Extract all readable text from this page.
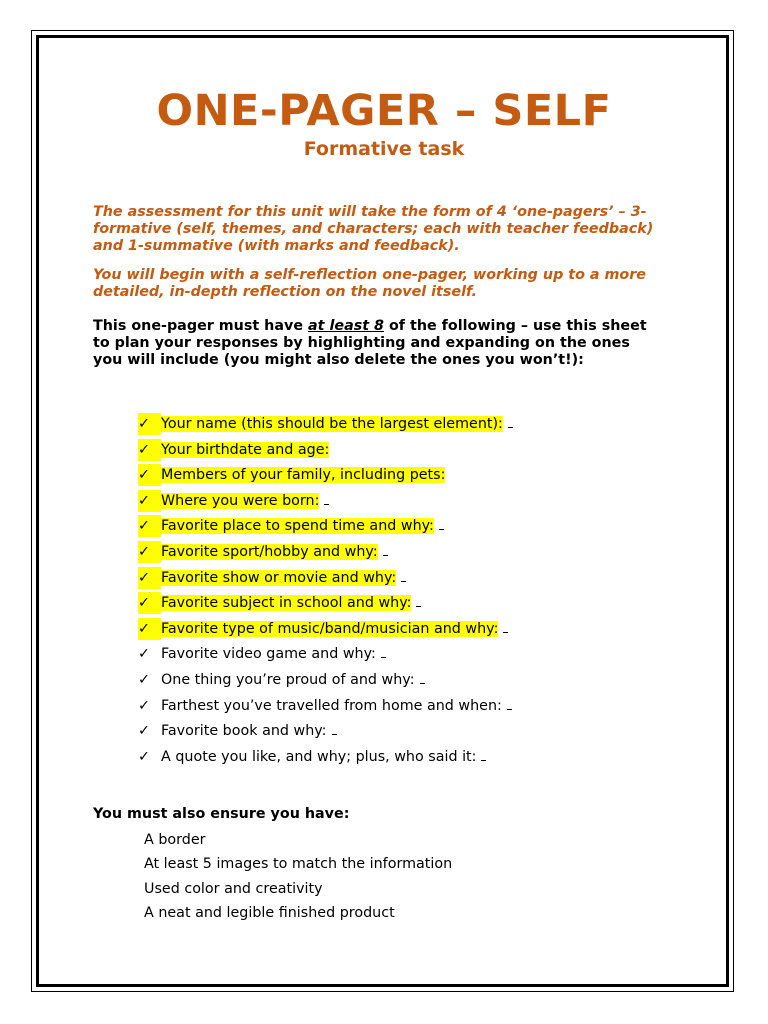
ONE-PAGER – SELF
Formative task

The assessment for this unit will take the form of 4 ‘one-pagers’ – 3-formative (self, themes, and characters; each with teacher feedback) and 1-summative (with marks and feedback).

You will begin with a self-reflection one-pager, working up to a more detailed, in-depth reflection on the novel itself.

This one-pager must have at least 8 of the following – use this sheet to plan your responses by highlighting and expanding on the ones you will include (you might also delete the ones you won’t!):

✓ Your name (this should be the largest element):
✓ Your birthdate and age:
✓ Members of your family, including pets:
✓ Where you were born:
✓ Favorite place to spend time and why:
✓ Favorite sport/hobby and why:
✓ Favorite show or movie and why:
✓ Favorite subject in school and why:
✓ Favorite type of music/band/musician and why:
✓ Favorite video game and why:
✓ One thing you’re proud of and why:
✓ Farthest you’ve travelled from home and when:
✓ Favorite book and why:
✓ A quote you like, and why; plus, who said it:

You must also ensure you have:

A border
At least 5 images to match the information
Used color and creativity
A neat and legible finished product
